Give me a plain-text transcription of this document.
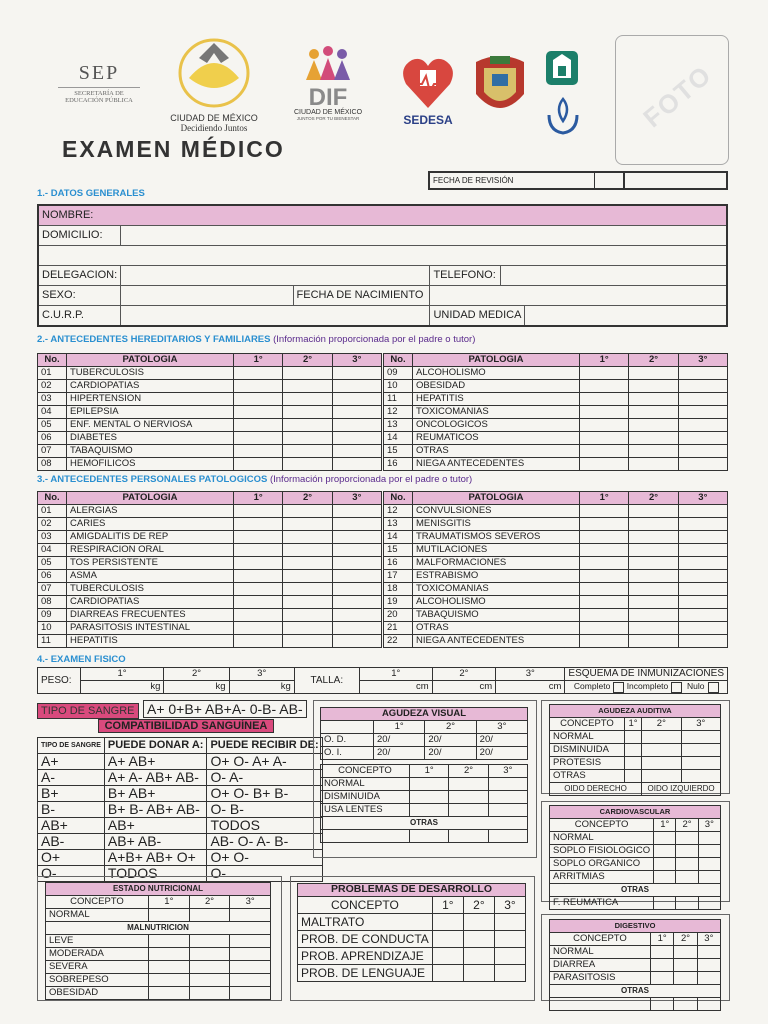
SEP
SECRETARÍA DE
EDUCACIÓN PÚBLICA
CIUDAD DE MÉXICO
Decidiendo Juntos
DIF
CIUDAD DE MÉXICO
JUNTOS POR TU BIENESTAR	SEDESA
	FOTO
EXAMEN MÉDICO
FECHA DE REVISIÓN		
1.- DATOS GENERALES
NOMBRE:					
DOMICILIO:					

DELEGACION:			TELEFONO:		
SEXO:		FECHA DE NACIMIENTO			
C.U.R.P.			UNIDAD MEDICA		
2.- ANTECEDENTES HEREDITARIOS Y FAMILIARES (Información proporcionada por el padre o tutor)
No.	PATOLOGIA	1°	2°	3°
01	TUBERCULOSIS			
02	CARDIOPATIAS			
03	HIPERTENSION			
04	EPILEPSIA			
05	ENF. MENTAL O NERVIOSA			
06	DIABETES			
07	TABAQUISMO			
08	HEMOFILICOS			
No.	PATOLOGIA	1°	2°	3°
09	ALCOHOLISMO			
10	OBESIDAD			
11	HEPATITIS			
12	TOXICOMANIAS			
13	ONCOLOGICOS			
14	REUMATICOS			
15	OTRAS			
16	NIEGA ANTECEDENTES			
3.- ANTECEDENTES PERSONALES PATOLOGICOS (Información proporcionada por el padre o tutor)
No.	PATOLOGIA	1°	2°	3°
01	ALERGIAS			
02	CARIES			
03	AMIGDALITIS DE REP			
04	RESPIRACION ORAL			
05	TOS PERSISTENTE			
06	ASMA			
07	TUBERCULOSIS			
08	CARDIOPATIAS			
09	DIARREAS FRECUENTES			
10	PARASITOSIS INTESTINAL			
11	HEPATITIS			
No.	PATOLOGIA	1°	2°	3°
12	CONVULSIONES			
13	MENISGITIS			
14	TRAUMATISMOS SEVEROS			
15	MUTILACIONES			
16	MALFORMACIONES			
17	ESTRABISMO			
18	TOXICOMANIAS			
19	ALCOHOLISMO			
20	TABAQUISMO			
21	OTRAS			
22	NIEGA ANTECEDENTES			
4.- EXAMEN FISICO
PESO:	1°	2°	3°	TALLA:	1°	2°	3°	ESQUEMA DE INMUNIZACIONES
	kg	kg	kg		cm	cm	cm	Completo Incompleto Nulo
TIPO DE SANGRE A+ 0+B+ AB+A- 0-B- AB-
COMPATIBILIDAD SANGUÍNEA
TIPO DE SANGRE	PUEDE DONAR A:	PUEDE RECIBIR DE:
A+	A+ AB+	O+ O- A+ A-
A-	A+ A- AB+ AB-	O- A-
B+	B+ AB+	O+ O- B+ B-
B-	B+ B- AB+ AB-	O- B-
AB+	AB+	TODOS
AB-	AB+ AB-	AB- O- A- B-
O+	A+B+ AB+ O+	O+ O-
O-	TODOS	O-
AGUDEZA VISUAL			
	1°	2°	3°
O. D.	20/	20/	20/
O. I.	20/	20/	20/
CONCEPTO	1°	2°	3°
NORMAL			
DISMINUIDA			
USA LENTES			
OTRAS			

AGUDEZA AUDITIVA			
CONCEPTO	1°	2°	3°
NORMAL			
DISMINUIDA			
PROTESIS			
OTRAS			
OIDO DERECHO		OIDO IZQUIERDO	
CARDIOVASCULAR			
CONCEPTO	1°	2°	3°
NORMAL			
SOPLO FISIOLOGICO			
SOPLO ORGANICO			
ARRITMIAS			
OTRAS			
F. REUMATICA			
ESTADO NUTRICIONAL			
CONCEPTO	1°	2°	3°
NORMAL			
MALNUTRICION			
LEVE			
MODERADA			
SEVERA			
SOBREPESO			
OBESIDAD			
PROBLEMAS DE DESARROLLO			
CONCEPTO	1°	2°	3°
MALTRATO			
PROB. DE CONDUCTA			
PROB. APRENDIZAJE			
PROB. DE LENGUAJE			
DIGESTIVO			
CONCEPTO	1°	2°	3°
NORMAL			
DIARREA			
PARASITOSIS			
OTRAS			
